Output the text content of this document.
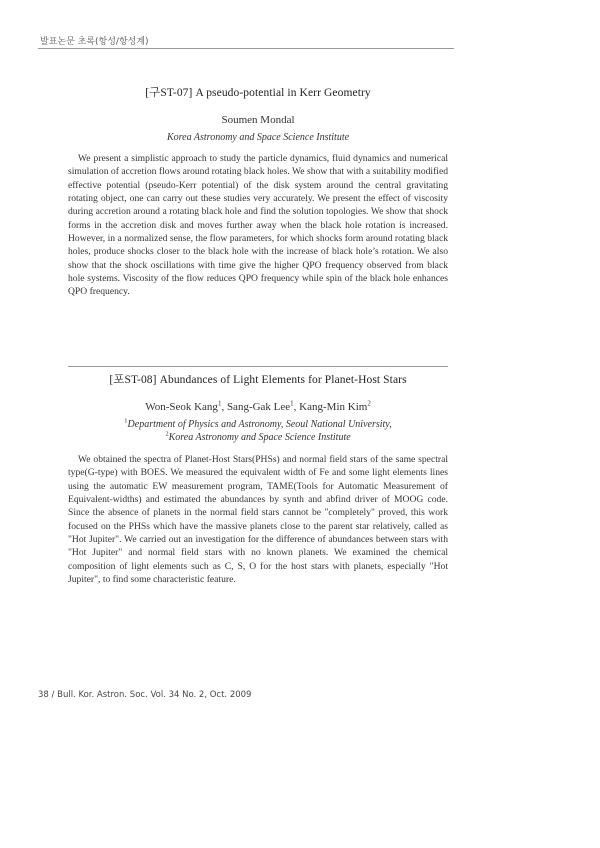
발표논문 초록(항성/항성계)
[구ST-07] A pseudo-potential in Kerr Geometry
Soumen Mondal
Korea Astronomy and Space Science Institute

We present a simplistic approach to study the particle dynamics, fluid dynamics and numerical simulation of accretion flows around rotating black holes. We show that with a suitability modified effective potential (pseudo-Kerr potential) of the disk system around the central gravitating rotating object, one can carry out these studies very accurately. We present the effect of viscosity during accretion around a rotating black hole and find the solution topologies. We show that shock forms in the accretion disk and moves further away when the black hole rotation is increased. However, in a normalized sense, the flow parameters, for which shocks form around rotating black holes, produce shocks closer to the black hole with the increase of black hole’s rotation. We also show that the shock oscillations with time give the higher QPO frequency observed from black hole systems. Viscosity of the flow reduces QPO frequency while spin of the black hole enhances QPO frequency.

[포ST-08] Abundances of Light Elements for Planet-Host Stars
Won-Seok Kang$^1$, Sang-Gak Lee$^1$, Kang-Min Kim$^2$
$^1$Department of Physics and Astronomy, Seoul National University,
$^2$Korea Astronomy and Space Science Institute

We obtained the spectra of Planet-Host Stars(PHSs) and normal field stars of the same spectral type(G-type) with BOES. We measured the equivalent width of Fe and some light elements lines using the automatic EW measurement program, TAME(Tools for Automatic Measurement of Equivalent-widths) and estimated the abundances by synth and abfind driver of MOOG code. Since the absence of planets in the normal field stars cannot be "completely" proved, this work focused on the PHSs which have the massive planets close to the parent star relatively, called as "Hot Jupiter". We carried out an investigation for the difference of abundances between stars with "Hot Jupiter" and normal field stars with no known planets. We examined the chemical composition of light elements such as C, S, O for the host stars with planets, especially "Hot Jupiter", to find some characteristic feature.

38 / Bull. Kor. Astron. Soc. Vol. 34 No. 2, Oct. 2009
